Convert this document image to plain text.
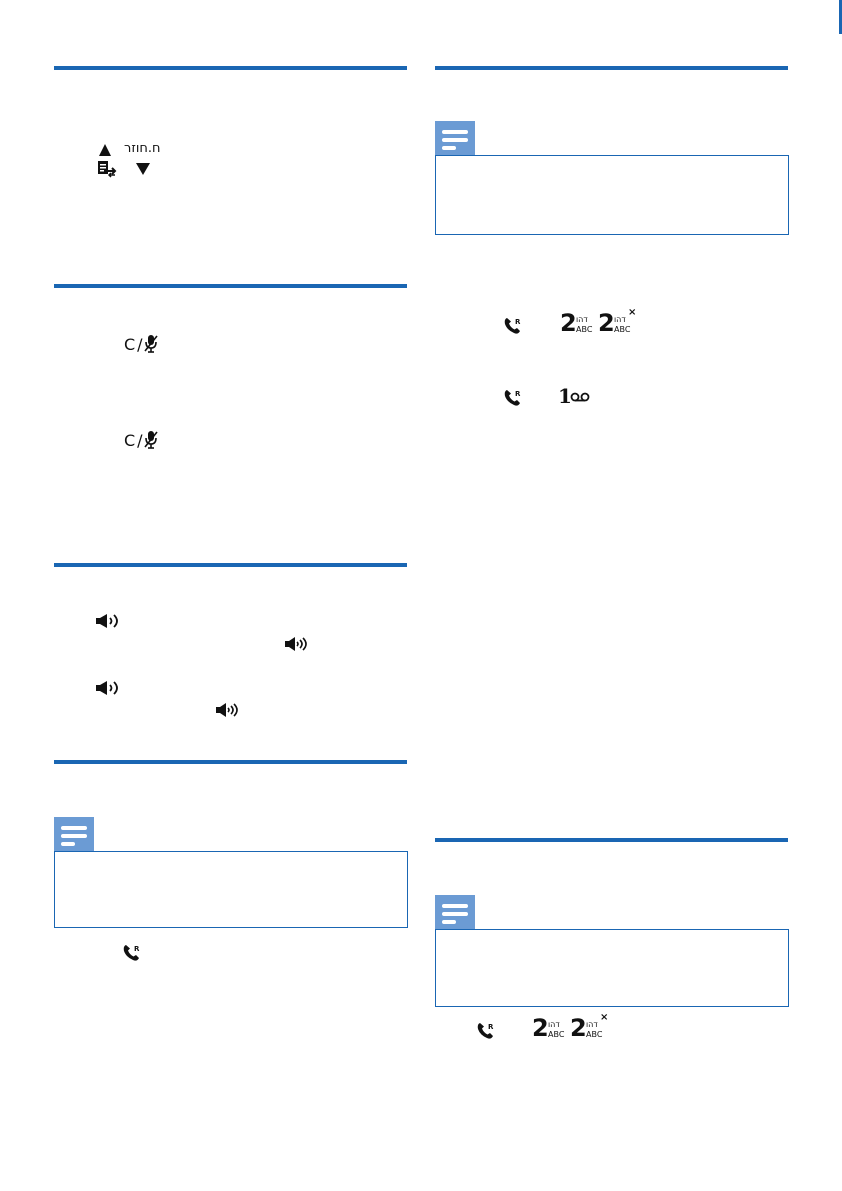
ח.חוזר
C /
C /
R
R 2 דהו
ABC 2 דהו
ABC
×
R 1
R 2 דהו
ABC 2 דהו
ABC
×
